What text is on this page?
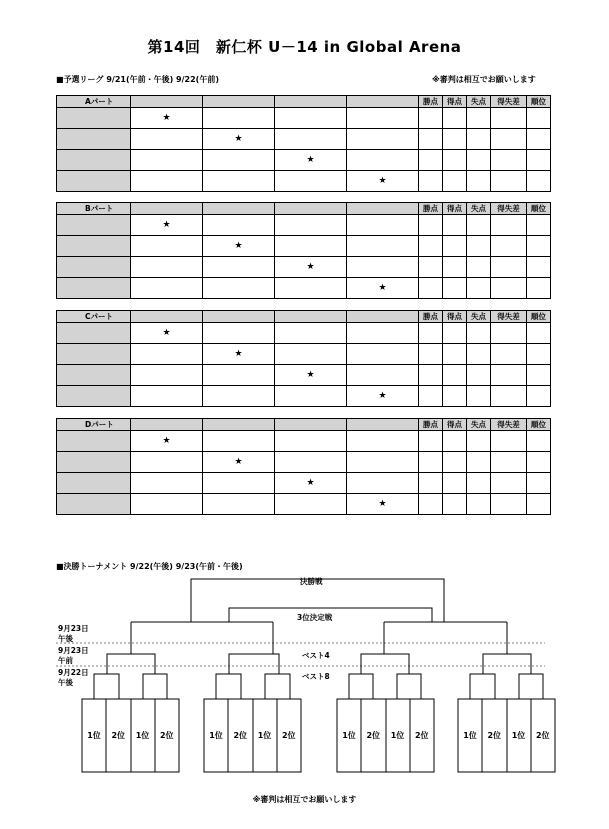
第14回　新仁杯 U－14 in Global Arena
■予選リーグ 9/21(午前・午後) 9/22(午前)	※審判は相互でお願いします
Aパート					勝点	得点	失点	得失差	順位
	★								
		★							
			★						
				★					
Bパート					勝点	得点	失点	得失差	順位
	★								
		★							
			★						
				★					
Cパート					勝点	得点	失点	得失差	順位
	★								
		★							
			★						
				★					
Dパート					勝点	得点	失点	得失差	順位
	★								
		★							
			★						
				★					
■決勝トーナメント 9/22(午後) 9/23(午前・午後)
決勝戦
3位決定戦
ベスト4
ベスト8
9月23日
午後
9月23日
午前
9月22日
午後
1位	2位	1位	2位	1位	2位	1位	2位	1位	2位	1位	2位	1位	2位	1位	2位
※審判は相互でお願いします
